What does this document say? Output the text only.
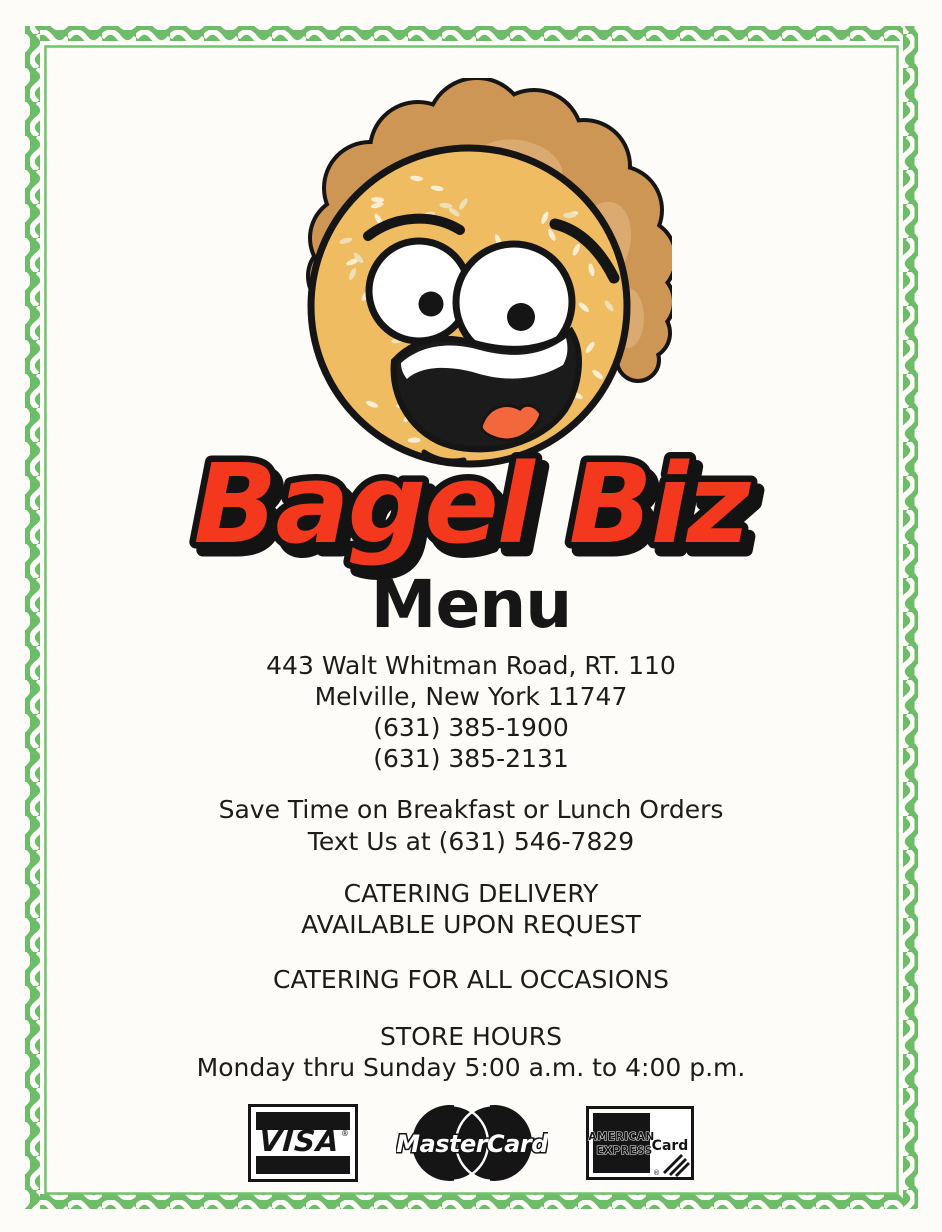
Bagel Biz
Menu
443 Walt Whitman Road, RT. 110
Melville, New York 11747
(631) 385-1900
(631) 385-2131
Save Time on Breakfast or Lunch Orders
Text Us at (631) 546-7829
CATERING DELIVERY
AVAILABLE UPON REQUEST
CATERING FOR ALL OCCASIONS
STORE HOURS
Monday thru Sunday 5:00 a.m. to 4:00 p.m.
VISA ® MasterCard	AMERICAN
EXPRESS
Card
®
